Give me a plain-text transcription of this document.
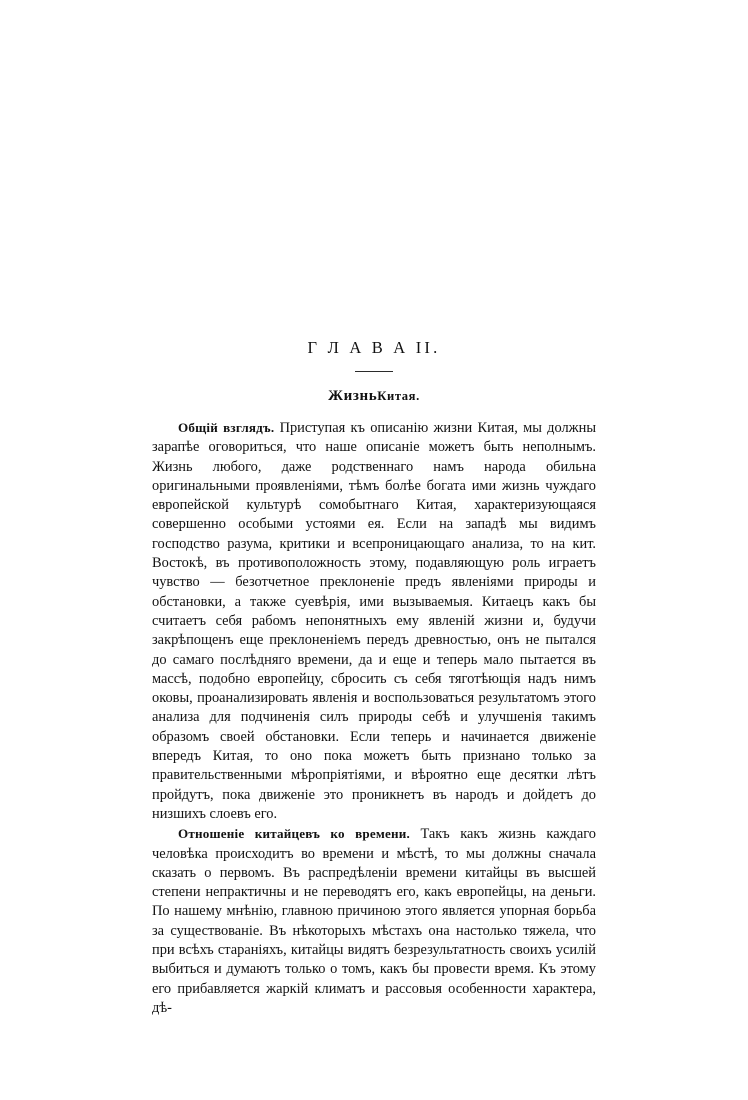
Г Л А В А II.
ЖизньКитая.

Общій взглядъ. Приступая къ описанію жизни Китая, мы должны зарапѣе оговориться, что наше описаніе можетъ быть неполнымъ. Жизнь любого, даже родственнаго намъ народа обильна оригинальными проявленіями, тѣмъ болѣе богата ими жизнь чуждаго европейской культурѣ сомобытнаго Китая, характеризующаяся совершенно особыми устоями ея. Если на западѣ мы видимъ господство разума, критики и всепроницающаго анализа, то на кит. Востокѣ, въ противоположность этому, подавляющую роль играетъ чувство — безотчетное преклоненіе предъ явленіями природы и обстановки, а также суевѣрія, ими вызываемыя. Китаецъ какъ бы считаетъ себя рабомъ непонятныхъ ему явленій жизни и, будучи закрѣпощенъ еще преклоненіемъ передъ древностью, онъ не пытался до самаго послѣдняго времени, да и еще и теперь мало пытается въ массѣ, подобно европейцу, сбросить съ себя тяготѣющія надъ нимъ оковы, проанализировать явленія и воспользоваться результатомъ этого анализа для подчиненія силъ природы себѣ и улучшенія такимъ образомъ своей обстановки. Если теперь и начинается движеніе впередъ Китая, то оно пока можетъ быть признано только за правительственными мѣропріятіями, и вѣроятно еще десятки лѣтъ пройдутъ, пока движеніе это проникнетъ въ народъ и дойдетъ до низшихъ слоевъ его.

Отношеніе китайцевъ ко времени. Такъ какъ жизнь каждаго человѣка происходитъ во времени и мѣстѣ, то мы должны сначала сказать о первомъ. Въ распредѣленіи времени китайцы въ высшей степени непрактичны и не переводятъ его, какъ европейцы, на деньги. По нашему мнѣнію, главною причиною этого является упорная борьба за существованіе. Въ нѣкоторыхъ мѣстахъ она настолько тяжела, что при всѣхъ стараніяхъ, китайцы видятъ безрезультатность своихъ усилій выбиться и думаютъ только о томъ, какъ бы провести время. Къ этому его прибавляется жаркій климатъ и рассовыя особенности характера, дѣ-
